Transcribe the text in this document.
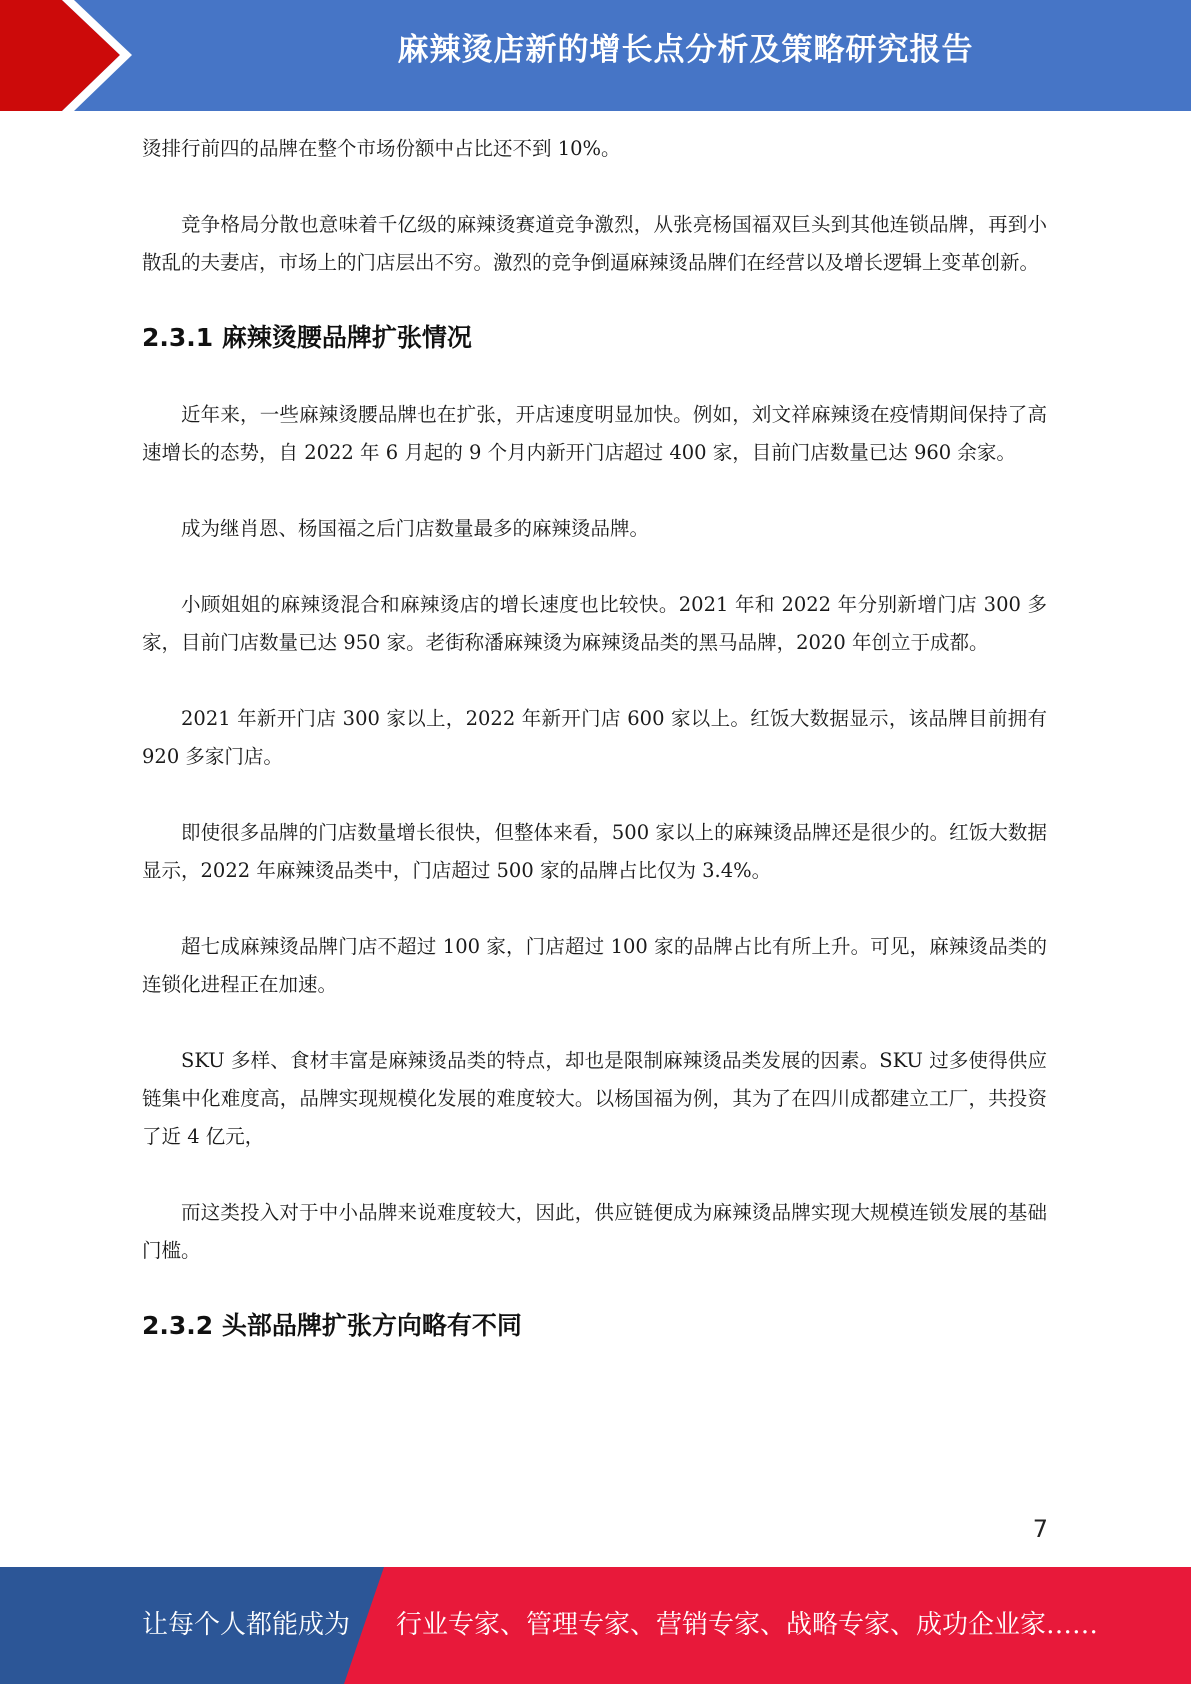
麻辣烫店新的增长点分析及策略研究报告

烫排行前四的品牌在整个市场份额中占比还不到 10%。

竞争格局分散也意味着千亿级的麻辣烫赛道竞争激烈，从张亮杨国福双巨头到其他连锁品牌，再到小散乱的夫妻店，市场上的门店层出不穷。激烈的竞争倒逼麻辣烫品牌们在经营以及增长逻辑上变革创新。

2.3.1 麻辣烫腰品牌扩张情况

近年来，一些麻辣烫腰品牌也在扩张，开店速度明显加快。例如，刘文祥麻辣烫在疫情期间保持了高速增长的态势，自 2022 年 6 月起的 9 个月内新开门店超过 400 家，目前门店数量已达 960 余家。

成为继肖恩、杨国福之后门店数量最多的麻辣烫品牌。

小顾姐姐的麻辣烫混合和麻辣烫店的增长速度也比较快。2021 年和 2022 年分别新增门店 300 多家，目前门店数量已达 950 家。老街称潘麻辣烫为麻辣烫品类的黑马品牌，2020 年创立于成都。

2021 年新开门店 300 家以上，2022 年新开门店 600 家以上。红饭大数据显示，该品牌目前拥有 920 多家门店。

即使很多品牌的门店数量增长很快，但整体来看，500 家以上的麻辣烫品牌还是很少的。红饭大数据显示，2022 年麻辣烫品类中，门店超过 500 家的品牌占比仅为 3.4%。

超七成麻辣烫品牌门店不超过 100 家，门店超过 100 家的品牌占比有所上升。可见，麻辣烫品类的连锁化进程正在加速。

SKU 多样、食材丰富是麻辣烫品类的特点，却也是限制麻辣烫品类发展的因素。SKU 过多使得供应链集中化难度高，品牌实现规模化发展的难度较大。以杨国福为例，其为了在四川成都建立工厂，共投资了近 4 亿元，

而这类投入对于中小品牌来说难度较大，因此，供应链便成为麻辣烫品牌实现大规模连锁发展的基础门槛。

2.3.2 头部品牌扩张方向略有不同
7
让每个人都能成为 行业专家、管理专家、营销专家、战略专家、成功企业家……
